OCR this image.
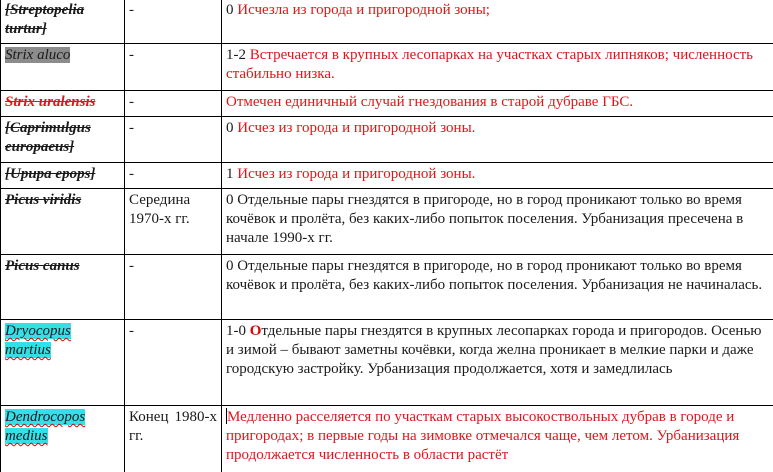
[Streptopelia turtur]	-	0 Исчезла из города и пригородной зоны;
Strix aluco	-	1-2 Встречается в крупных лесопарках на участках старых липняков; численность стабильно низка.
Strix uralensis	-	Отмечен единичный случай гнездования в старой дубраве ГБС.
[Caprimulgus europaeus]	-	0 Исчез из города и пригородной зоны.
[Upupa epops]	-	1 Исчез из города и пригородной зоны.
Picus viridis	Середина 1970-х гг.	0 Отдельные пары гнездятся в пригороде, но в город проникают только во время кочёвок и пролёта, без каких-либо попыток поселения. Урбанизация пресечена в начале 1990-х гг.
Picus canus	-	0 Отдельные пары гнездятся в пригороде, но в город проникают только во время кочёвок и пролёта, без каких-либо попыток поселения. Урбанизация не начиналась.
Dryocopus martius	-	1-0 Отдельные пары гнездятся в крупных лесопарках города и пригородов. Осенью и зимой – бывают заметны кочёвки, когда желна проникает в мелкие парки и даже городскую застройку. Урбанизация продолжается, хотя и замедлилась
Dendrocopos medius	Конец 1980-х гг.	Медленно расселяется по участкам старых высокоствольных дубрав в городе и пригородах; в первые годы на зимовке отмечался чаще, чем летом. Урбанизация продолжается численность в области растёт
